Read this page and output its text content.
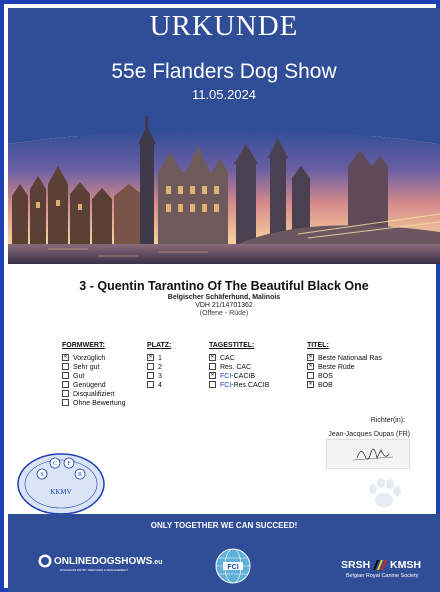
URKUNDE
55e Flanders Dog Show
11.05.2024
3 - Quentin Tarantino Of The Beautiful Black One
Belgischer Schäferhund, Malinois
VDH 21/14701362
(Offene - Rüde)
FORMWERT:
✕Vorzüglich
Sehr gut
Gut
Genügend
Disqualifiziert
Ohne Bewertung
PLATZ:
✕1
2
3
4
TAGESTITEL:
✕CAC
Res. CAC
✕FCI-CACIB
FCI-Res.CACIB
TITEL:
✕Beste Nationaal Ras
✕Beste Rüde
BOS
✕BOB
Richter(in):
Jean-Jacques Dupas (FR)
C F
S	R
KKMV
ONLY TOGETHER WE CAN SUCCEED!
ONLINEDOGSHOWS.eu
DOGSHOW ENTRY SERVICES & MANAGEMENT	FCI	SRSH KMSH
Belgian Royal Canine Society
